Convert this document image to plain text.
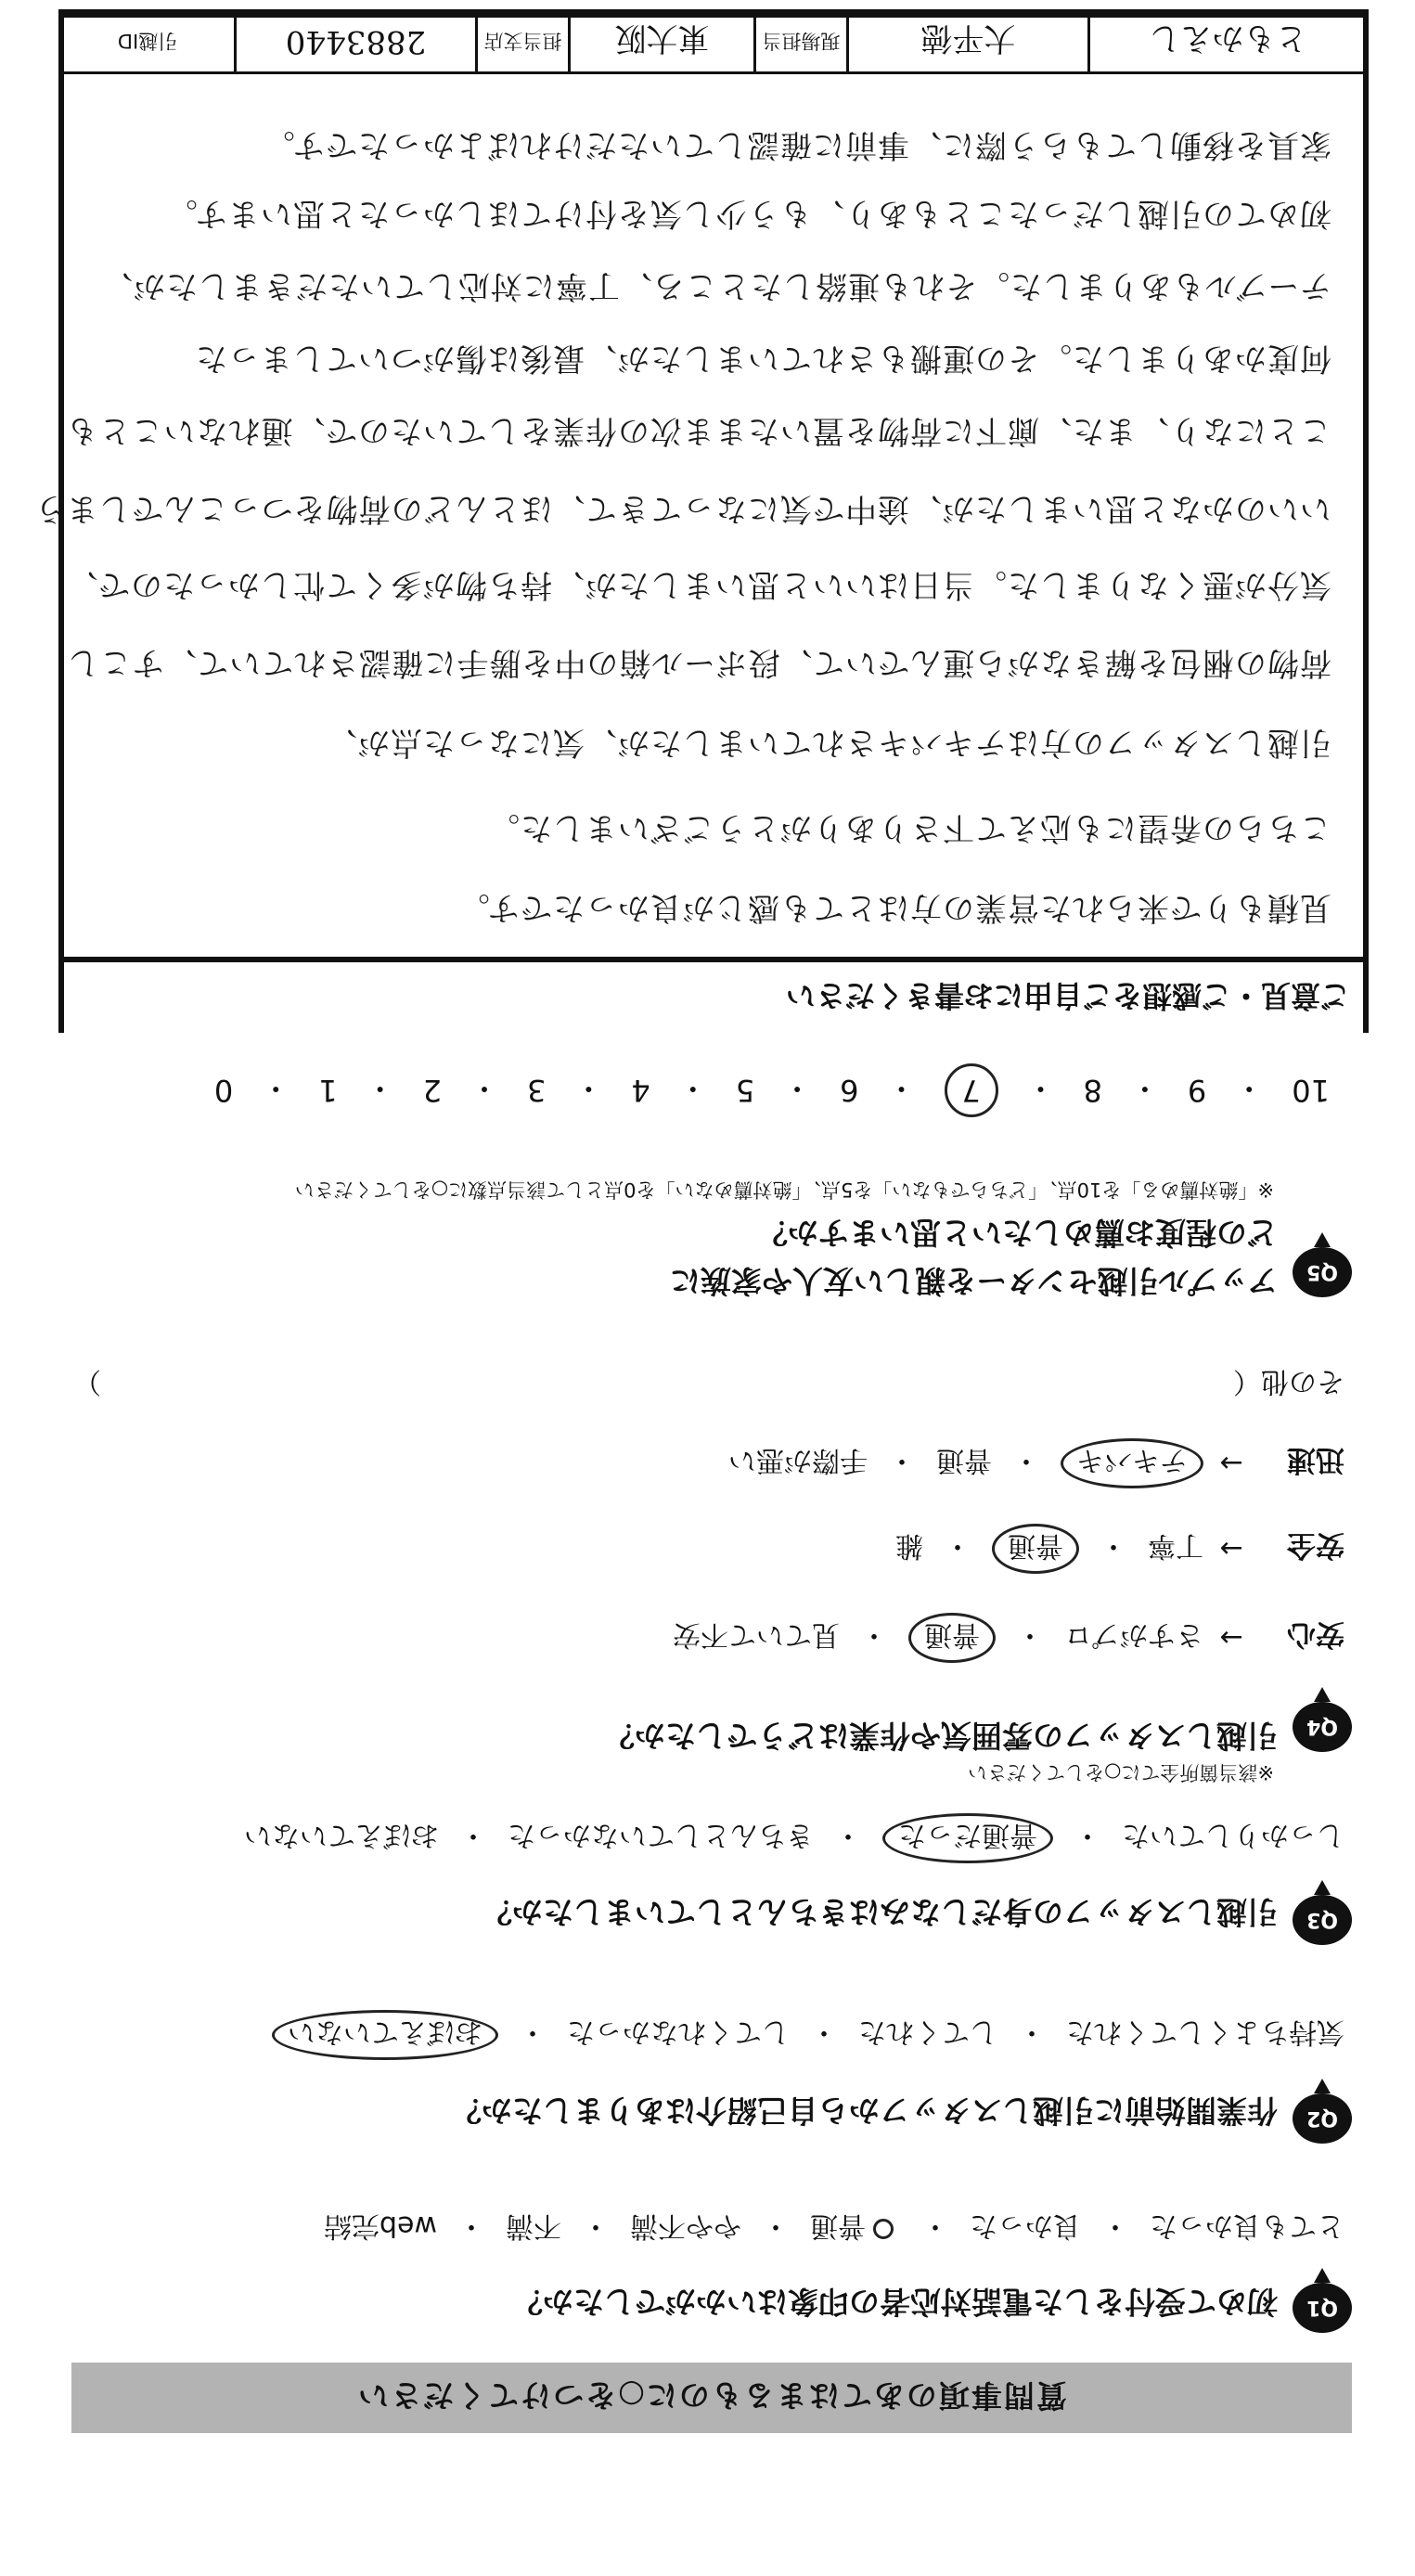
質問事項のあてはまるものに○をつけてください
Q1
初めて受付をした電話対応者の印象はいかがでしたか？
とても良かった
・
良かった
・
普通
・
やや不満
・
不満
・
web完結
Q2
作業開始前に引越しスタッフから自己紹介はありましたか？
気持ちよくしてくれた
・
してくれた
・
してくれなかった
・
おぼえていない
Q3
引越しスタッフの身だしなみはきちんとしていましたか？
しっかりしていた
・
普通だった
・
きちんとしていなかった
・
おぼえていない
Q4
引越しスタッフの雰囲気や作業はどうでしたか？
※該当箇所全てに○をしてください
安心
→
さすがプロ
・
普通
・
見ていて不安
安全
→
丁寧
・
普通
・
雑
迅速
→
テキパキ
・
普通
・
手際が悪い
その他（
）
Q5
アップル引越センターを親しい友人や家族に
どの程度お薦めしたいと思いますか？
※「絶対薦める」を10点、「どちらでもない」を5点、「絶対薦めない」を0点として該当点数に○をしてください
10
・
9
・
8
・
7
・
6
・
5
・
4
・
3
・
2
・
1
・
0
ご意見・ご感想をご自由にお書きください
見積もりで来られた営業の方はとても感じが良かったです。
こちらの希望にも応えて下さりありがとうございました。
引越しスタッフの方はテキパキされていましたが、気になった点が、
荷物の梱包を解きながら運んでいて、段ボール箱の中を勝手に確認されていて、すこし
気分が悪くなりました。当日はいいと思いましたが、持ち物が多くて忙しかったので、
いいのかなと思いましたが、途中で気になってきて、ほとんどの荷物をつっこんでしまう
ことになり、また、廊下に荷物を置いたまま次の作業をしていたので、通れないことも
何度かありました。その運搬もされていましたが、最後は傷がついてしまった
テーブルもありました。それも連絡したところ、丁寧に対応していただきましたが、
初めての引越しだったこともあり、もう少し気を付けてほしかったと思います。
家具を移動してもらう際に、事前に確認していただければよかったです。
ともかえし
大平徳
現場担当
東大阪
担当支店
2883440
引越ID
